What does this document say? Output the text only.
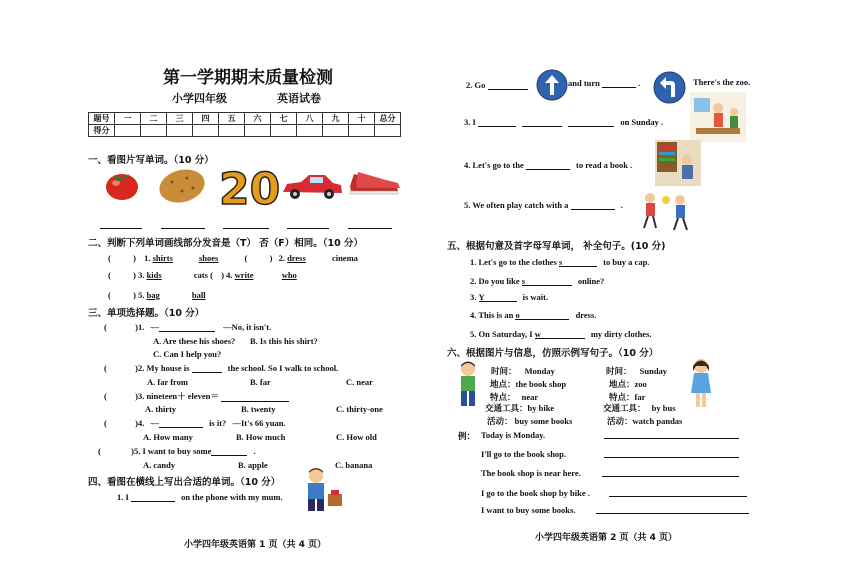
第一学期期末质量检测
小学四年级	英语试卷
题号	一	二	三	四	五	六	七	八	九	十	总分
得分											
一、看图片写单词。（10 分）
20
二、判断下列单词画线部分发音是（T） 否（F）相同。（10 分）
(	) 1. shirts	shoes	(	) 2. dress	cinema
(	) 3. kids	cats ( ) 4. write	who
(	) 5. bag	ball
三、单项选择题。（10 分）
(	)1. —	—No, it isn't.
A. Are these his shoes? B. Is this his shirt?
C. Can I help you?
(	)2. My house is	the school. So I walk to school.
A. far from	B. far	C. near
(	)3. nineteen＋ eleven＝
A. thirty	B. twenty	C. thirty-one
(	)4. —	is it? —It's 66 yuan.
A. How many	B. How much	C. How old
(	)5. I want to buy some	.
A. candy	B. apple	C. banana
四、看图在横线上写出合适的单词。（10 分）
1. I	on the phone with my mum.
小学四年级英语第 1 页（共 4 页）
2. Go	and turn	.	There's the zoo.
3. I	on Sunday .
4. Let's go to the	to read a book .
5. We often play catch with a	.
五、根据句意及首字母写单词， 补全句子。(10 分)
1. Let's go to the clothes s	to buy a cap.
2. Do you like s	online?
3. Y	is wait.
4. This is an o	dress.
5. On Saturday, I w	my dirty clothes.
六、根据图片与信息，仿照示例写句子。（10 分）
时间： Monday
地点：the book shop
特点： near
交通工具：by bike
活动： buy some books
时间： Sunday
地点：zoo
特点：far
交通工具： by bus
活动：watch pandas
例： Today is Monday.
I'll go to the book shop.
The book shop is near here.
I go to the book shop by bike .
I want to buy some books.
小学四年级英语第 2 页（共 4 页）
